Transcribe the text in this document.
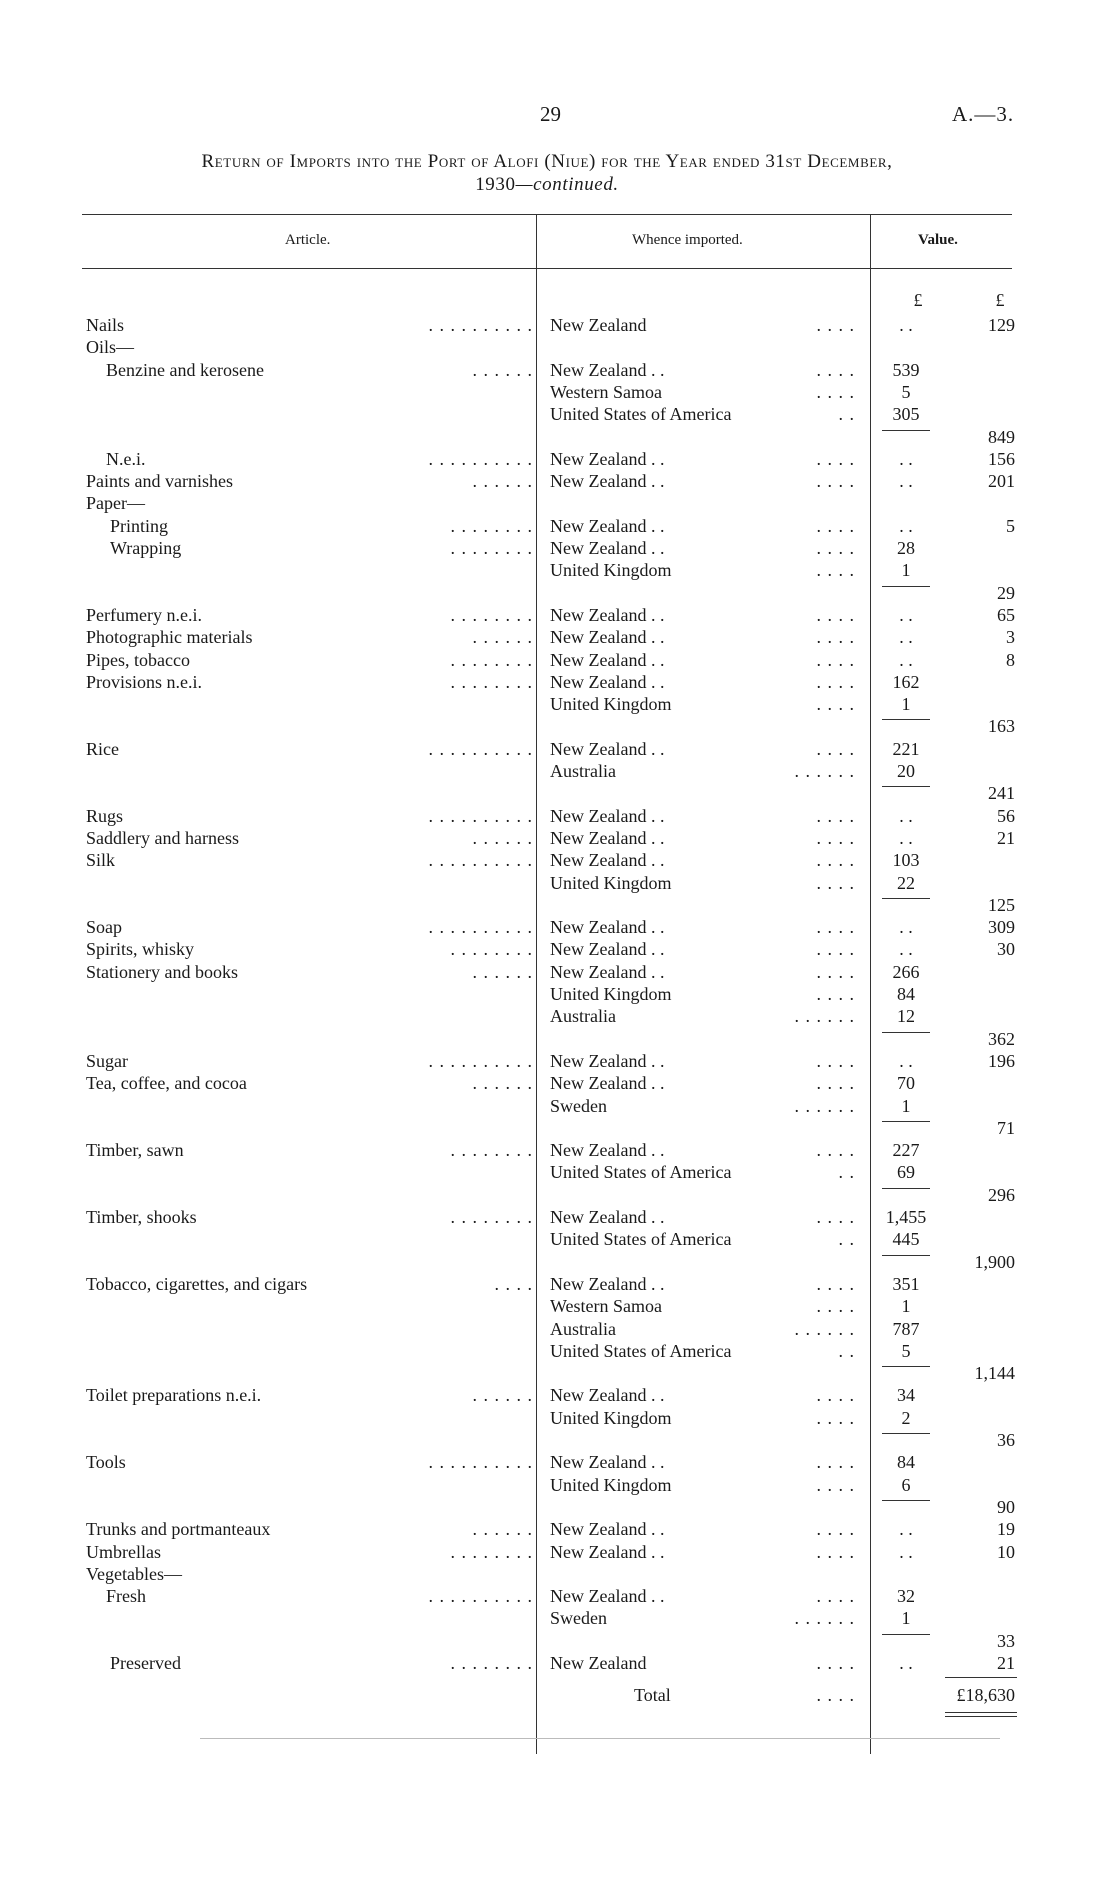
29	A.—3.
Return of Imports into the Port of Alofi (Niue) for the Year ended 31st December,
1930—continued.
Article.	Whence imported.	Value.
£	£
Nails	. . . . . . . . . . New Zealand	. . . .	. .	129
Oils—
Benzine and kerosene	. . . . . . New Zealand . .	. . . .	539
Western Samoa	. . . .	5
United States of America	. .	305
849
N.e.i.	. . . . . . . . . . New Zealand . .	. . . .	. .	156
Paints and varnishes	. . . . . . New Zealand . .	. . . .	. .	201
Paper—
Printing	. . . . . . . . New Zealand . .	. . . .	. .	5
Wrapping	. . . . . . . . New Zealand . .	. . . .	28
United Kingdom	. . . .	1
29
Perfumery n.e.i.	. . . . . . . . New Zealand . .	. . . .	. .	65
Photographic materials	. . . . . . New Zealand . .	. . . .	. .	3
Pipes, tobacco	. . . . . . . . New Zealand . .	. . . .	. .	8
Provisions n.e.i.	. . . . . . . . New Zealand . .	. . . .	162
United Kingdom	. . . .	1
163
Rice	. . . . . . . . . . New Zealand . .	. . . .	221
Australia	. . . . . .	20
241
Rugs	. . . . . . . . . . New Zealand . .	. . . .	. .	56
Saddlery and harness	. . . . . . New Zealand . .	. . . .	. .	21
Silk	. . . . . . . . . . New Zealand . .	. . . .	103
United Kingdom	. . . .	22
125
Soap	. . . . . . . . . . New Zealand . .	. . . .	. .	309
Spirits, whisky	. . . . . . . . New Zealand . .	. . . .	. .	30
Stationery and books	. . . . . . New Zealand . .	. . . .	266
United Kingdom	. . . .	84
Australia	. . . . . .	12
362
Sugar	. . . . . . . . . . New Zealand . .	. . . .	. .	196
Tea, coffee, and cocoa	. . . . . . New Zealand . .	. . . .	70
Sweden	. . . . . .	1
71
Timber, sawn	. . . . . . . . New Zealand . .	. . . .	227
United States of America	. .	69
296
Timber, shooks	. . . . . . . . New Zealand . .	. . . .	1,455
United States of America	. .	445
1,900
Tobacco, cigarettes, and cigars	. . . . New Zealand . .	. . . .	351
Western Samoa	. . . .	1
Australia	. . . . . .	787
United States of America	. .	5
1,144
Toilet preparations n.e.i.	. . . . . . New Zealand . .	. . . .	34
United Kingdom	. . . .	2
36
Tools	. . . . . . . . . . New Zealand . .	. . . .	84
United Kingdom	. . . .	6
90
Trunks and portmanteaux	. . . . . . New Zealand . .	. . . .	. .	19
Umbrellas	. . . . . . . . New Zealand . .	. . . .	. .	10
Vegetables—
Fresh	. . . . . . . . . . New Zealand . .	. . . .	32
Sweden	. . . . . .	1
33
Preserved	. . . . . . . . New Zealand	. . . .	. .	21
Total	. . . .	£18,630
